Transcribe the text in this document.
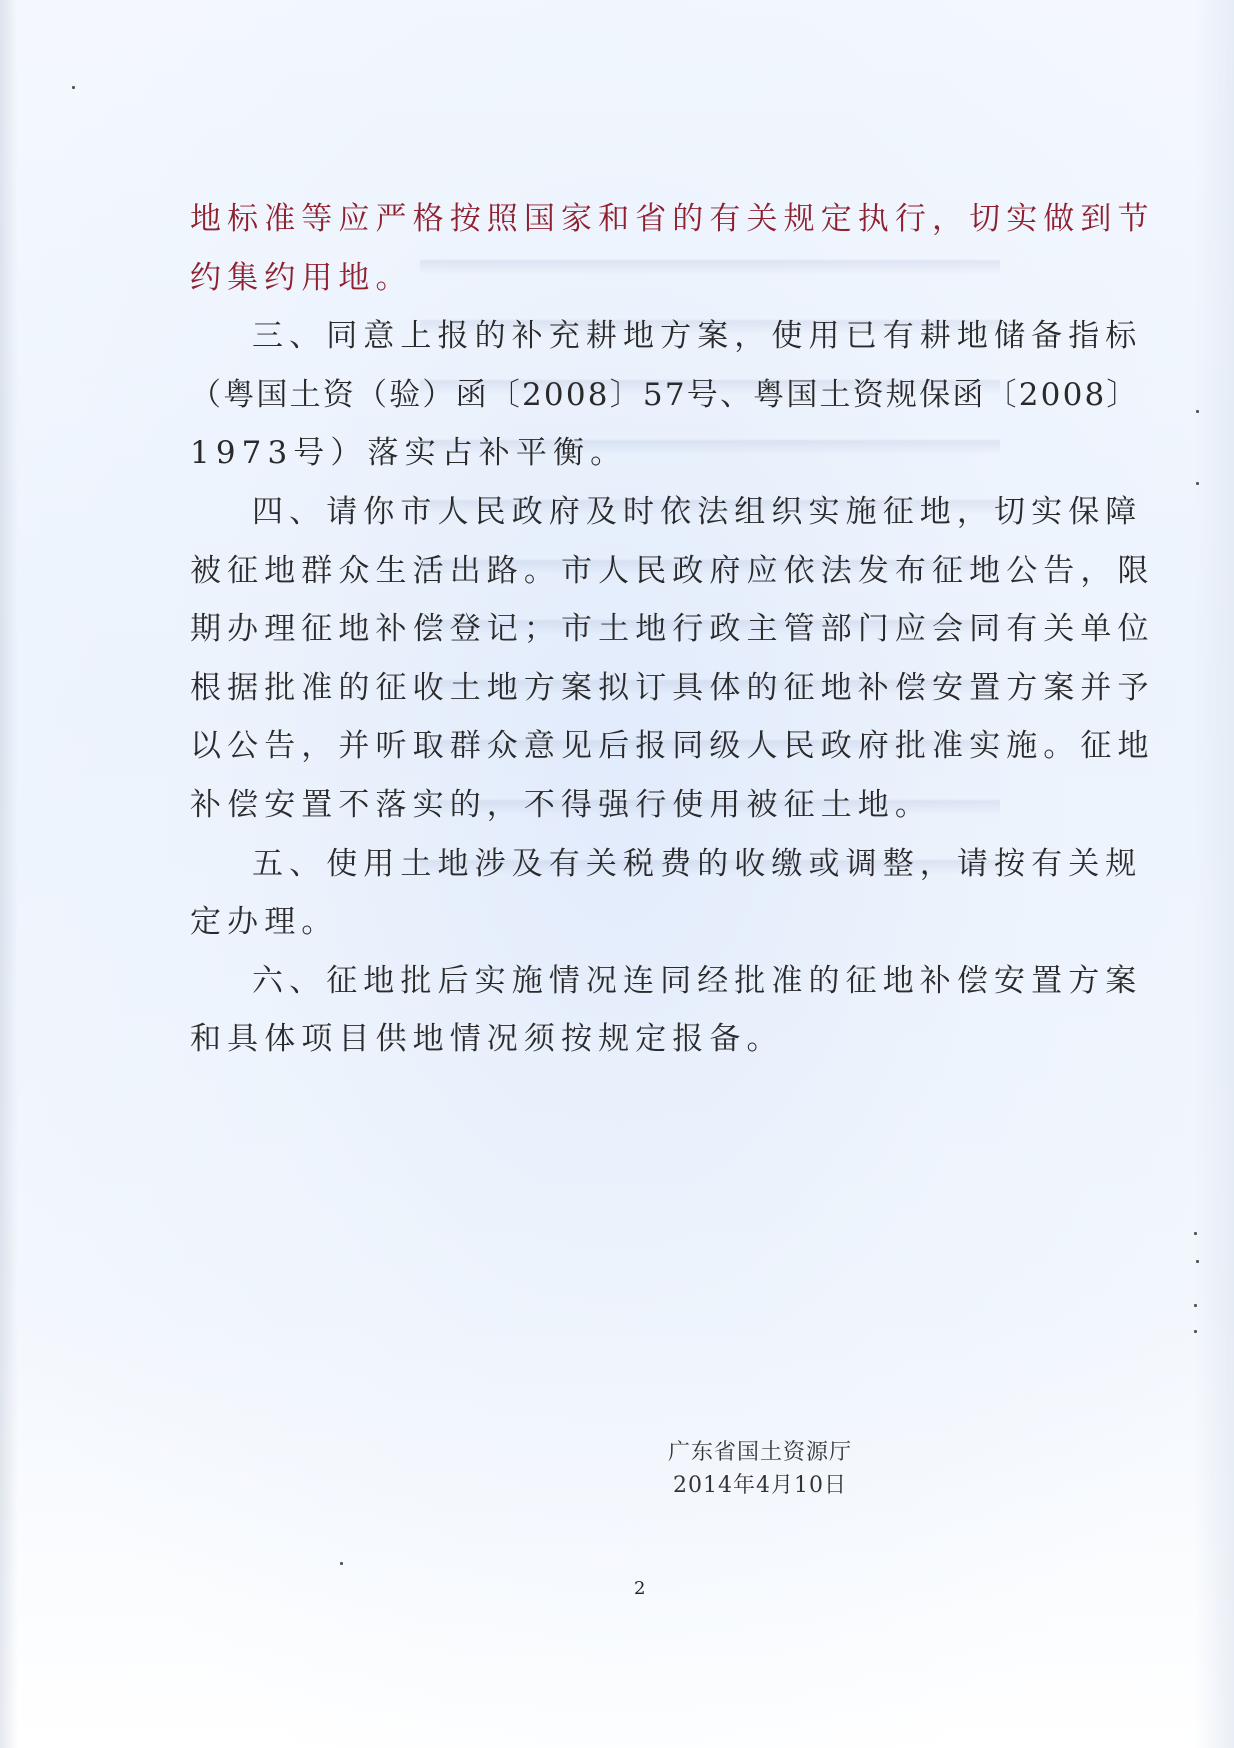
地标准等应严格按照国家和省的有关规定执行，切实做到节
约集约用地。
三、同意上报的补充耕地方案，使用已有耕地储备指标
（粤国土资（验）函〔2008〕57号、粤国土资规保函〔2008〕
1973号）落实占补平衡。
四、请你市人民政府及时依法组织实施征地，切实保障
被征地群众生活出路。市人民政府应依法发布征地公告，限
期办理征地补偿登记；市土地行政主管部门应会同有关单位
根据批准的征收土地方案拟订具体的征地补偿安置方案并予
以公告，并听取群众意见后报同级人民政府批准实施。征地
补偿安置不落实的，不得强行使用被征土地。
五、使用土地涉及有关税费的收缴或调整，请按有关规
定办理。
六、征地批后实施情况连同经批准的征地补偿安置方案
和具体项目供地情况须按规定报备。
广东省国土资源厅
2014年4月10日
2
